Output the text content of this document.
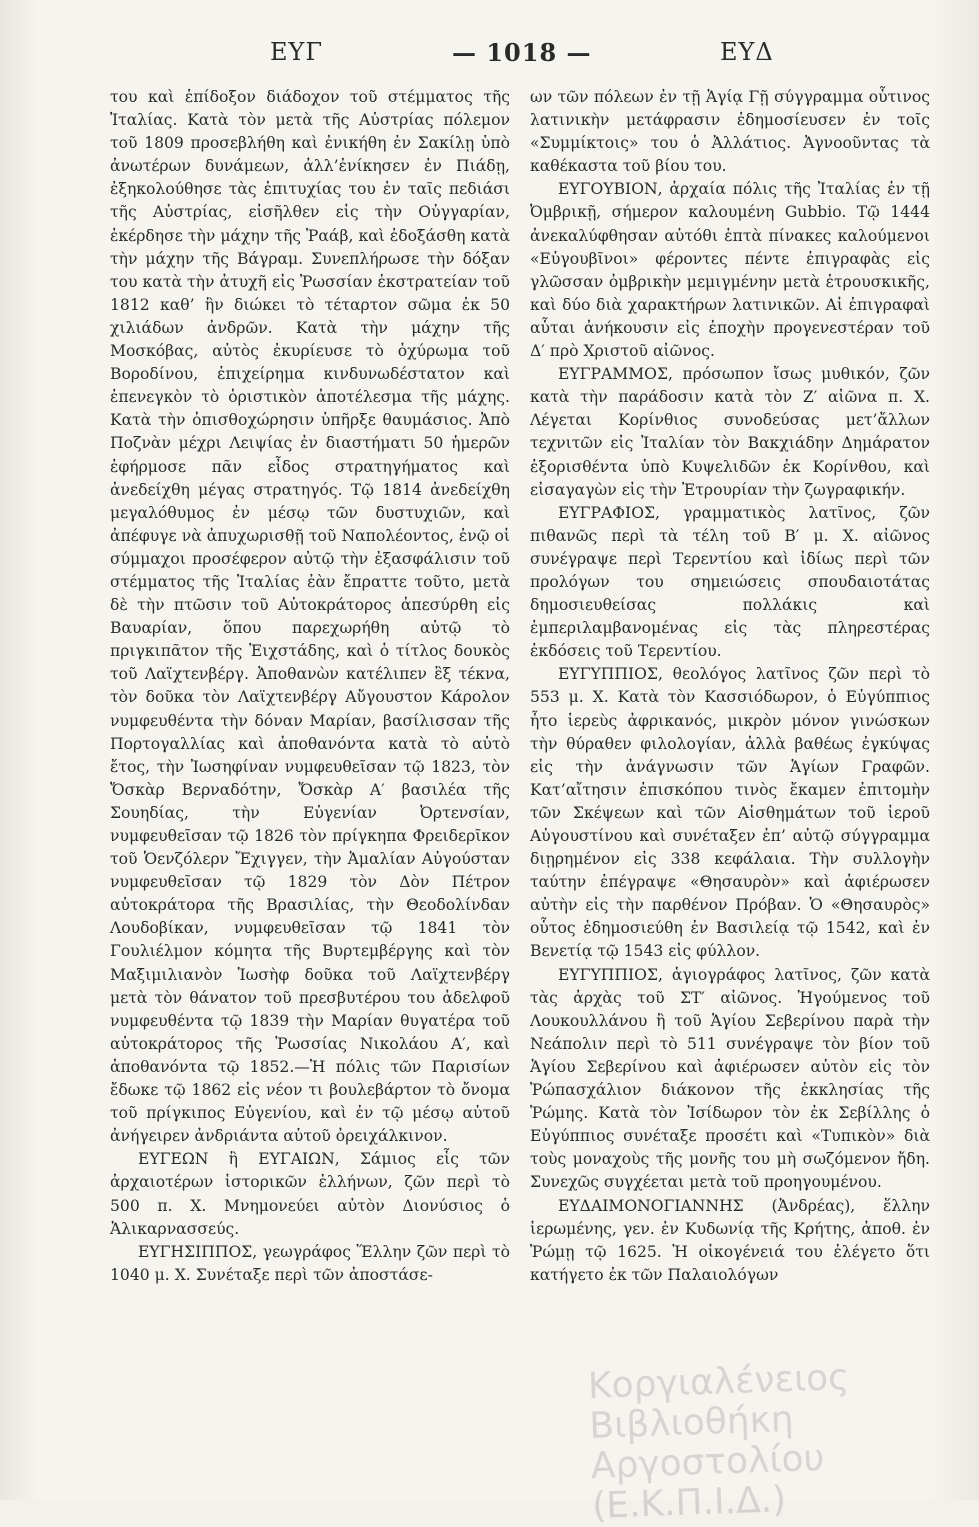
ΕΥΓ	— 1018 —	ΕΥΔ

του καὶ ἐπίδοξον διάδοχον τοῦ στέμματος τῆς Ἰταλίας. Κατὰ τὸν μετὰ τῆς Αὐστρίας πόλεμον τοῦ 1809 προσεβλήθη καὶ ἐνικήθη ἐν Σακίλῃ ὑπὸ ἀνωτέρων δυνάμεων, ἀλλ’ἐνίκησεν ἐν Πιάδῃ, ἐξηκολούθησε τὰς ἐπιτυχίας του ἐν ταῖς πεδιάσι τῆς Αὐστρίας, εἰσῆλθεν εἰς τὴν Οὐγγαρίαν, ἐκέρδησε τὴν μάχην τῆς Ῥαάβ, καὶ ἐδοξάσθη κατὰ τὴν μάχην τῆς Βάγραμ. Συνεπλήρωσε τὴν δόξαν του κατὰ τὴν ἀτυχῆ εἰς Ῥωσσίαν ἐκστρατείαν τοῦ 1812 καθ’ ἣν διώκει τὸ τέταρτον σῶμα ἐκ 50 χιλιάδων ἀνδρῶν. Κατὰ τὴν μάχην τῆς Μοσκόβας, αὐτὸς ἐκυρίευσε τὸ ὀχύρωμα τοῦ Βοροδίνου, ἐπιχείρημα κινδυνωδέστατον καὶ ἐπενεγκὸν τὸ ὁριστικὸν ἀποτέλεσμα τῆς μάχης. Κατὰ τὴν ὀπισθοχώρησιν ὑπῆρξε θαυμάσιος. Ἀπὸ Ποζνὰν μέχρι Λειψίας ἐν διαστήματι 50 ἡμερῶν ἐφήρμοσε πᾶν εἶδος στρατηγήματος καὶ ἀνεδείχθη μέγας στρατηγός. Τῷ 1814 ἀνεδείχθη μεγαλόθυμος ἐν μέσῳ τῶν δυστυχιῶν, καὶ ἀπέφυγε νὰ ἀπυχωρισθῇ τοῦ Ναπολέοντος, ἐνῷ οἱ σύμμαχοι προσέφερον αὐτῷ τὴν ἐξασφάλισιν τοῦ στέμματος τῆς Ἰταλίας ἐὰν ἔπραττε τοῦτο, μετὰ δὲ τὴν πτῶσιν τοῦ Αὐτοκράτορος ἀπεσύρθη εἰς Βαυαρίαν, ὅπου παρεχωρήθη αὐτῷ τὸ πριγκιπᾶτον τῆς Ἐιχστάδης, καὶ ὁ τίτλος δουκὸς τοῦ Λαϊχτενβέργ. Ἀποθανὼν κατέλιπεν ἓξ τέκνα, τὸν δοῦκα τὸν Λαϊχτενβέργ Αὔγουστον Κάρολον νυμφευθέντα τὴν δόναν Μαρίαν, βασίλισσαν τῆς Πορτογαλλίας καὶ ἀποθανόντα κατὰ τὸ αὐτὸ ἔτος, τὴν Ἰωσηφίναν νυμφευθεῖσαν τῷ 1823, τὸν Ὄσκὰρ Βερναδότην, Ὄσκὰρ Α′ βασιλέα τῆς Σουηδίας, τὴν Εὐγενίαν Ὀρτενσίαν, νυμφευθεῖσαν τῷ 1826 τὸν πρίγκηπα Φρειδερῖκον τοῦ Ὁενζόλερν Ἔχιγγεν, τὴν Ἀμαλίαν Αὐγούσταν νυμφευθεῖσαν τῷ 1829 τὸν Δὸν Πέτρον αὐτοκράτορα τῆς Βρασιλίας, τὴν Θεοδολίνδαν Λουδοβίκαν, νυμφευθεῖσαν τῷ 1841 τὸν Γουλιέλμον κόμητα τῆς Βυρτεμβέργης καὶ τὸν Μαξιμιλιανὸν Ἰωσὴφ δοῦκα τοῦ Λαϊχτενβέργ μετὰ τὸν θάνατον τοῦ πρεσβυτέρου του ἀδελφοῦ νυμφευθέντα τῷ 1839 τὴν Μαρίαν θυγατέρα τοῦ αὐτοκράτορος τῆς Ῥωσσίας Νικολάου Α′, καὶ ἀποθανόντα τῷ 1852.—Ἡ πόλις τῶν Παρισίων ἔδωκε τῷ 1862 εἰς νέον τι βουλεβάρτον τὸ ὄνομα τοῦ πρίγκιπος Εὐγενίου, καὶ ἐν τῷ μέσῳ αὐτοῦ ἀνήγειρεν ἀνδριάντα αὐτοῦ ὀρειχάλκινον.

ΕΥΓΕΩΝ ἢ ΕΥΓΑΙΩΝ, Σάμιος εἷς τῶν ἀρχαιοτέρων ἱστορικῶν ἑλλήνων, ζῶν περὶ τὸ 500 π. Χ. Μνημονεύει αὐτὸν Διονύσιος ὁ Ἁλικαρνασσεύς.

ΕΥΓΗΣΙΠΠΟΣ, γεωγράφος Ἕλλην ζῶν περὶ τὸ 1040 μ. Χ. Συνέταξε περὶ τῶν ἀποστάσε-

ων τῶν πόλεων ἐν τῇ Ἁγίᾳ Γῇ σύγγραμμα οὗτινος λατινικὴν μετάφρασιν ἐδημοσίευσεν ἐν τοῖς «Συμμίκτοις» του ὁ Ἀλλάτιος. Ἀγνοοῦντας τὰ καθέκαστα τοῦ βίου του.

ΕΥΓΟΥΒΙΟΝ, ἀρχαία πόλις τῆς Ἰταλίας ἐν τῇ Ὀμβρικῇ, σήμερον καλουμένη Gubbio. Τῷ 1444 ἀνεκαλύφθησαν αὐτόθι ἑπτὰ πίνακες καλούμενοι «Εὐγουβῖνοι» φέροντες πέντε ἐπιγραφὰς εἰς γλῶσσαν ὀμβρικὴν μεμιγμένην μετὰ ἐτρουσκικῆς, καὶ δύο διὰ χαρακτήρων λατινικῶν. Αἱ ἐπιγραφαὶ αὗται ἀνήκουσιν εἰς ἐποχὴν προγενεστέραν τοῦ Δ′ πρὸ Χριστοῦ αἰῶνος.

ΕΥΓΡΑΜΜΟΣ, πρόσωπον ἴσως μυθικόν, ζῶν κατὰ τὴν παράδοσιν κατὰ τὸν Ζ′ αἰῶνα π. Χ. Λέγεται Κορίνθιος συνοδεύσας μετ’ἄλλων τεχνιτῶν εἰς Ἰταλίαν τὸν Βακχιάδην Δημάρατον ἐξορισθέντα ὑπὸ Κυψελιδῶν ἐκ Κορίνθου, καὶ εἰσαγαγὼν εἰς τὴν Ἐτρουρίαν τὴν ζωγραφικήν.

ΕΥΓΡΑΦΙΟΣ, γραμματικὸς λατῖνος, ζῶν πιθανῶς περὶ τὰ τέλη τοῦ Β′ μ. Χ. αἰῶνος συνέγραψε περὶ Τερεντίου καὶ ἰδίως περὶ τῶν προλόγων του σημειώσεις σπουδαιοτάτας δημοσιευθείσας πολλάκις καὶ ἐμπεριλαμβανομένας εἰς τὰς πληρεστέρας ἐκδόσεις τοῦ Τερεντίου.

ΕΥΓΥΠΠΙΟΣ, θεολόγος λατῖνος ζῶν περὶ τὸ 553 μ. Χ. Κατὰ τὸν Κασσιόδωρον, ὁ Εὐγύππιος ἦτο ἱερεὺς ἀφρικανός, μικρὸν μόνον γινώσκων τὴν θύραθεν φιλολογίαν, ἀλλὰ βαθέως ἐγκύψας εἰς τὴν ἀνάγνωσιν τῶν Ἁγίων Γραφῶν. Κατ’αἴτησιν ἐπισκόπου τινὸς ἔκαμεν ἐπιτομὴν τῶν Σκέψεων καὶ τῶν Αἰσθημάτων τοῦ ἱεροῦ Αὐγουστίνου καὶ συνέταξεν ἐπ’ αὐτῷ σύγγραμμα διῃρημένον εἰς 338 κεφάλαια. Τὴν συλλογὴν ταύτην ἐπέγραψε «Θησαυρὸν» καὶ ἀφιέρωσεν αὐτὴν εἰς τὴν παρθένον Πρόβαν. Ὁ «Θησαυρὸς» οὗτος ἐδημοσιεύθη ἐν Βασιλείᾳ τῷ 1542, καὶ ἐν Βενετίᾳ τῷ 1543 εἰς φύλλον.

ΕΥΓΥΠΠΙΟΣ, ἁγιογράφος λατῖνος, ζῶν κατὰ τὰς ἀρχὰς τοῦ ΣΤ′ αἰῶνος. Ἡγούμενος τοῦ Λουκουλλάνου ἢ τοῦ Ἁγίου Σεβερίνου παρὰ τὴν Νεάπολιν περὶ τὸ 511 συνέγραψε τὸν βίον τοῦ Ἁγίου Σεβερίνου καὶ ἀφιέρωσεν αὐτὸν εἰς τὸν Ῥώπασχάλιον διάκονον τῆς ἐκκλησίας τῆς Ῥώμης. Κατὰ τὸν Ἰσίδωρον τὸν ἐκ Σεβίλλης ὁ Εὐγύππιος συνέταξε προσέτι καὶ «Τυπικὸν» διὰ τοὺς μοναχοὺς τῆς μονῆς του μὴ σωζόμενον ἤδη. Συνεχῶς συγχέεται μετὰ τοῦ προηγουμένου.

ΕΥΔΑΙΜΟΝΟΓΙΑΝΝΗΣ (Ἀνδρέας), ἕλλην ἱερωμένης, γεν. ἐν Κυδωνίᾳ τῆς Κρήτης, ἀποθ. ἐν Ῥώμῃ τῷ 1625. Ἡ οἰκογένειά του ἐλέγετο ὅτι κατήγετο ἐκ τῶν Παλαιολόγων

Κοργιαλένειος Βιβλιοθήκη Αργοστολίου (Ε.Κ.Π.Ι.Δ.)
